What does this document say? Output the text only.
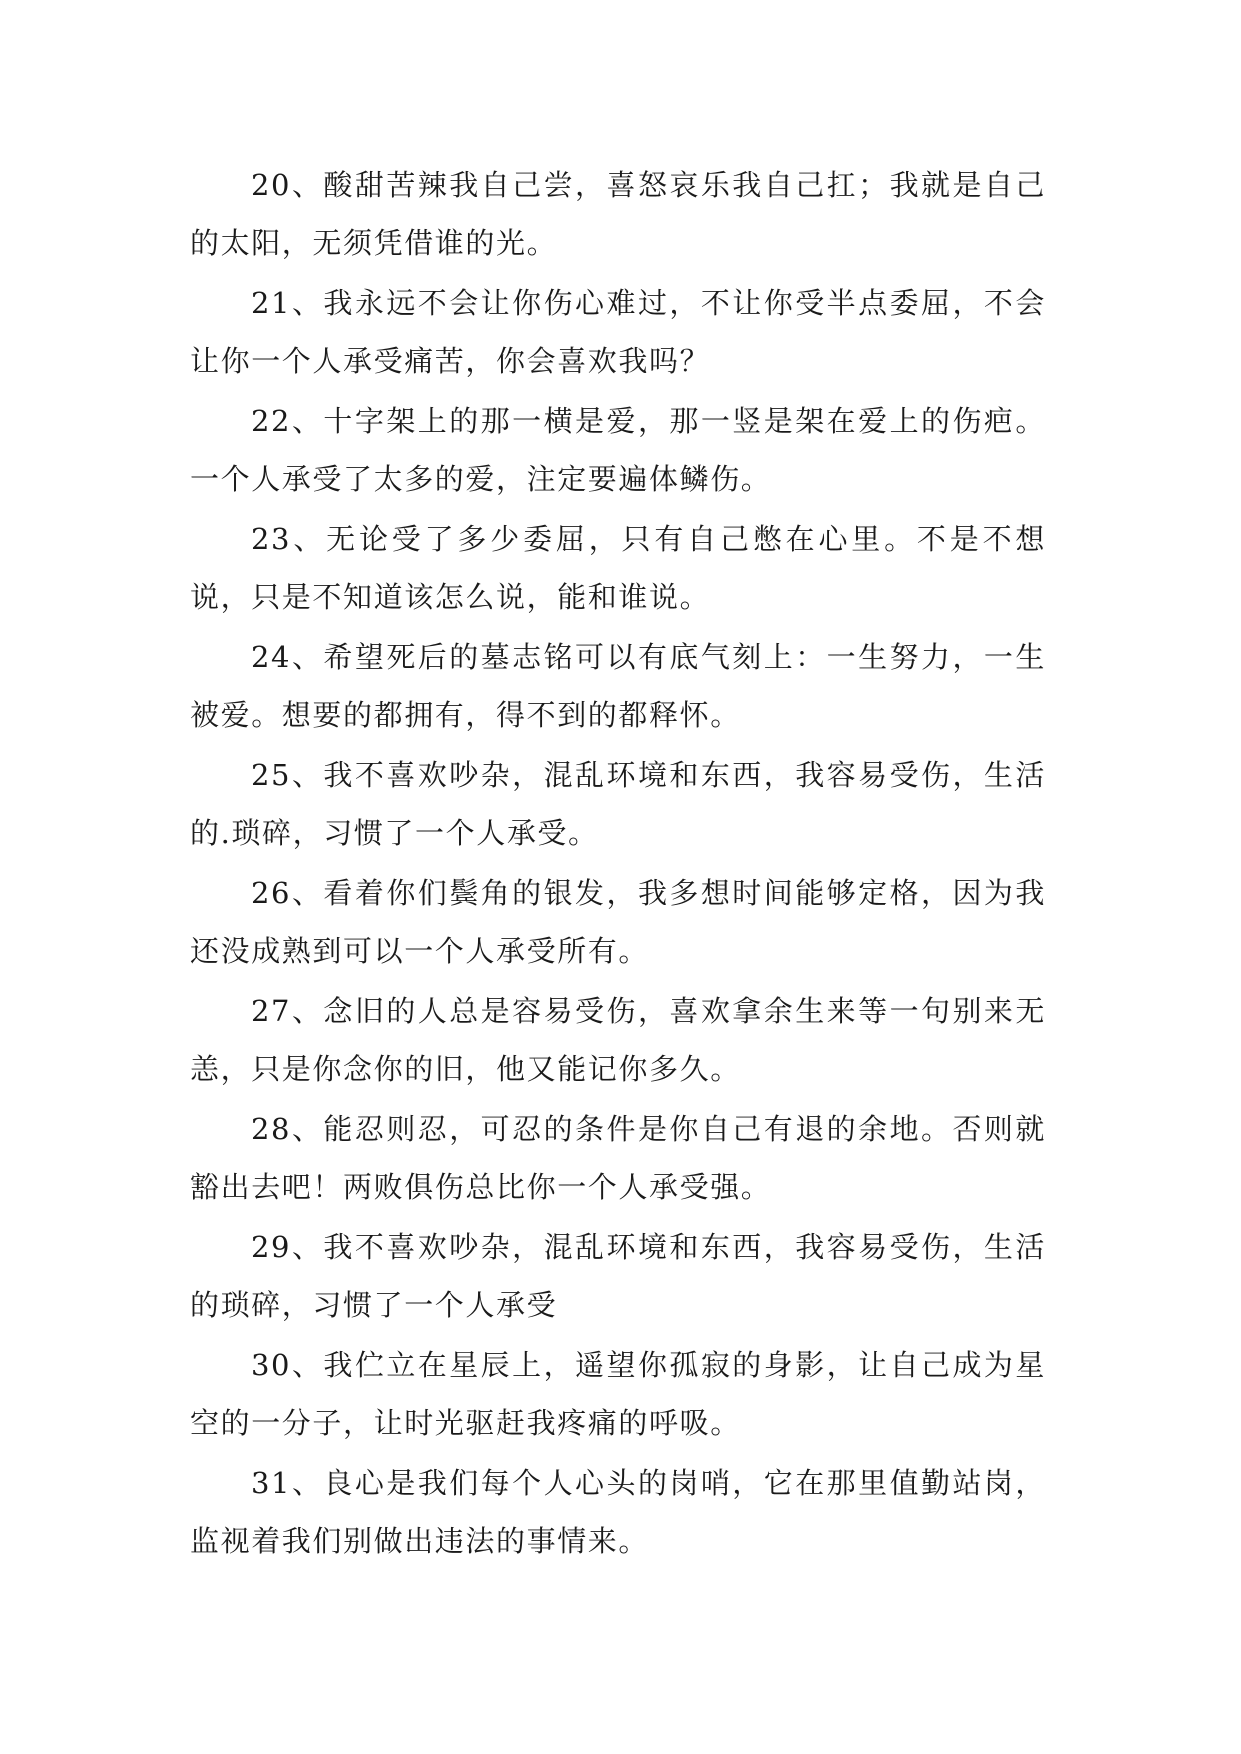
20、酸甜苦辣我自己尝，喜怒哀乐我自己扛；我就是自己的太阳，无须凭借谁的光。

21、我永远不会让你伤心难过，不让你受半点委屈，不会让你一个人承受痛苦，你会喜欢我吗？

22、十字架上的那一横是爱，那一竖是架在爱上的伤疤。一个人承受了太多的爱，注定要遍体鳞伤。

23、无论受了多少委屈，只有自己憋在心里。不是不想说，只是不知道该怎么说，能和谁说。

24、希望死后的墓志铭可以有底气刻上：一生努力，一生被爱。想要的都拥有，得不到的都释怀。

25、我不喜欢吵杂，混乱环境和东西，我容易受伤，生活的.琐碎，习惯了一个人承受。

26、看着你们鬓角的银发，我多想时间能够定格，因为我还没成熟到可以一个人承受所有。

27、念旧的人总是容易受伤，喜欢拿余生来等一句别来无恙，只是你念你的旧，他又能记你多久。

28、能忍则忍，可忍的条件是你自己有退的余地。否则就豁出去吧！两败俱伤总比你一个人承受强。

29、我不喜欢吵杂，混乱环境和东西，我容易受伤，生活的琐碎，习惯了一个人承受

30、我伫立在星辰上，遥望你孤寂的身影，让自己成为星空的一分子，让时光驱赶我疼痛的呼吸。

31、良心是我们每个人心头的岗哨，它在那里值勤站岗，监视着我们别做出违法的事情来。
